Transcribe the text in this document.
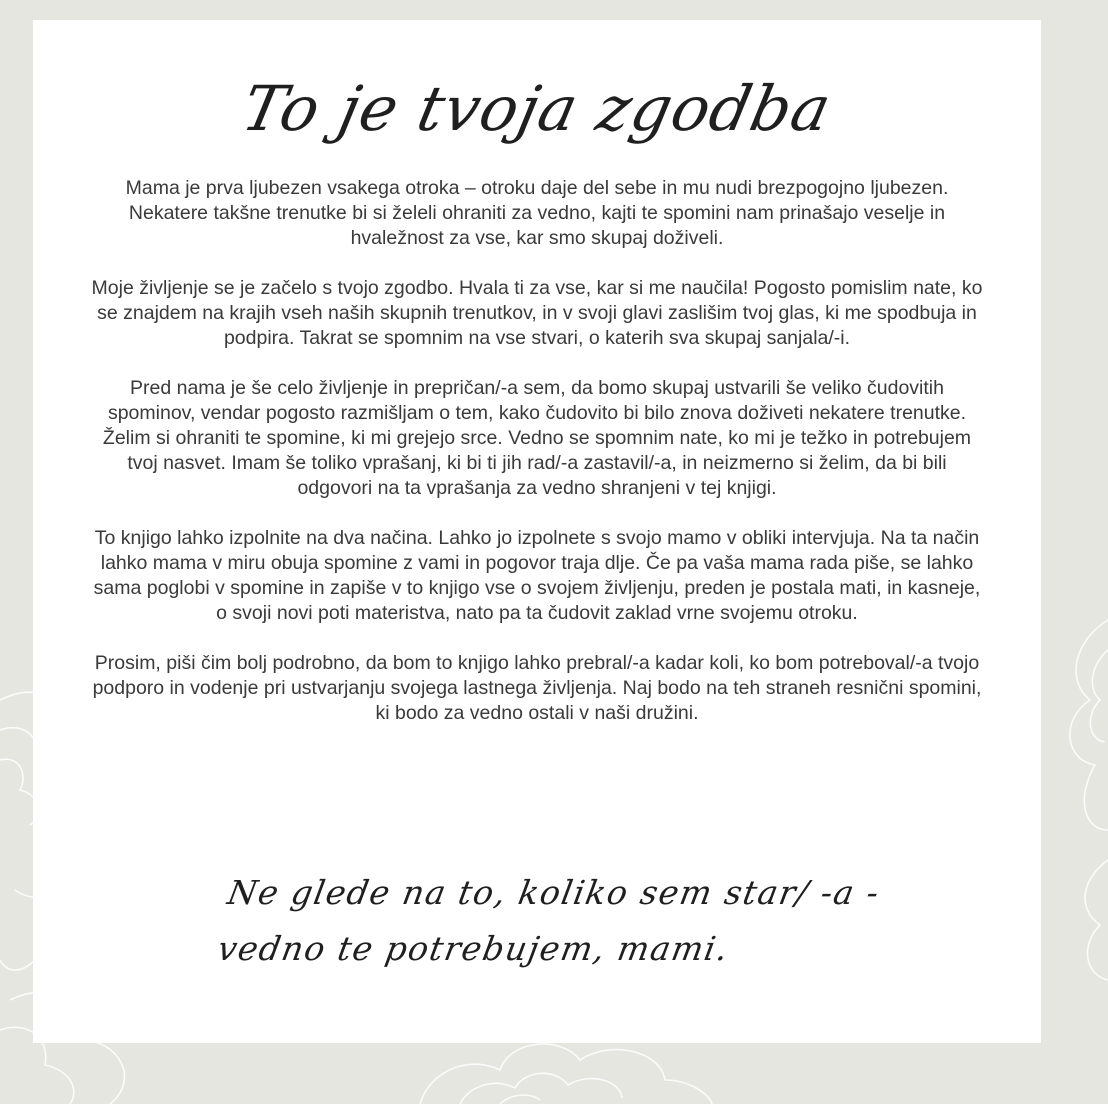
To je tvoja zgodba

Mama je prva ljubezen vsakega otroka – otroku daje del sebe in mu nudi brezpogojno ljubezen. Nekatere takšne trenutke bi si želeli ohraniti za vedno, kajti te spomini nam prinašajo veselje in hvaležnost za vse, kar smo skupaj doživeli.

Moje življenje se je začelo s tvojo zgodbo. Hvala ti za vse, kar si me naučila! Pogosto pomislim nate, ko se znajdem na krajih vseh naših skupnih trenutkov, in v svoji glavi zaslišim tvoj glas, ki me spodbuja in podpira. Takrat se spomnim na vse stvari, o katerih sva skupaj sanjala/-i.

Pred nama je še celo življenje in prepričan/-a sem, da bomo skupaj ustvarili še veliko čudovitih spominov, vendar pogosto razmišljam o tem, kako čudovito bi bilo znova doživeti nekatere trenutke. Želim si ohraniti te spomine, ki mi grejejo srce. Vedno se spomnim nate, ko mi je težko in potrebujem tvoj nasvet. Imam še toliko vprašanj, ki bi ti jih rad/-a zastavil/-a, in neizmerno si želim, da bi bili odgovori na ta vprašanja za vedno shranjeni v tej knjigi.

To knjigo lahko izpolnite na dva načina. Lahko jo izpolnete s svojo mamo v obliki intervjuja. Na ta način lahko mama v miru obuja spomine z vami in pogovor traja dlje. Če pa vaša mama rada piše, se lahko sama poglobi v spomine in zapiše v to knjigo vse o svojem življenju, preden je postala mati, in kasneje, o svoji novi poti materistva, nato pa ta čudovit zaklad vrne svojemu otroku.

Prosim, piši čim bolj podrobno, da bom to knjigo lahko prebral/-a kadar koli, ko bom potreboval/-a tvojo podporo in vodenje pri ustvarjanju svojega lastnega življenja. Naj bodo na teh straneh resnični spomini, ki bodo za vedno ostali v naši družini.

Ne glede na to, koliko sem star/ -a -
vedno te potrebujem, mami.
